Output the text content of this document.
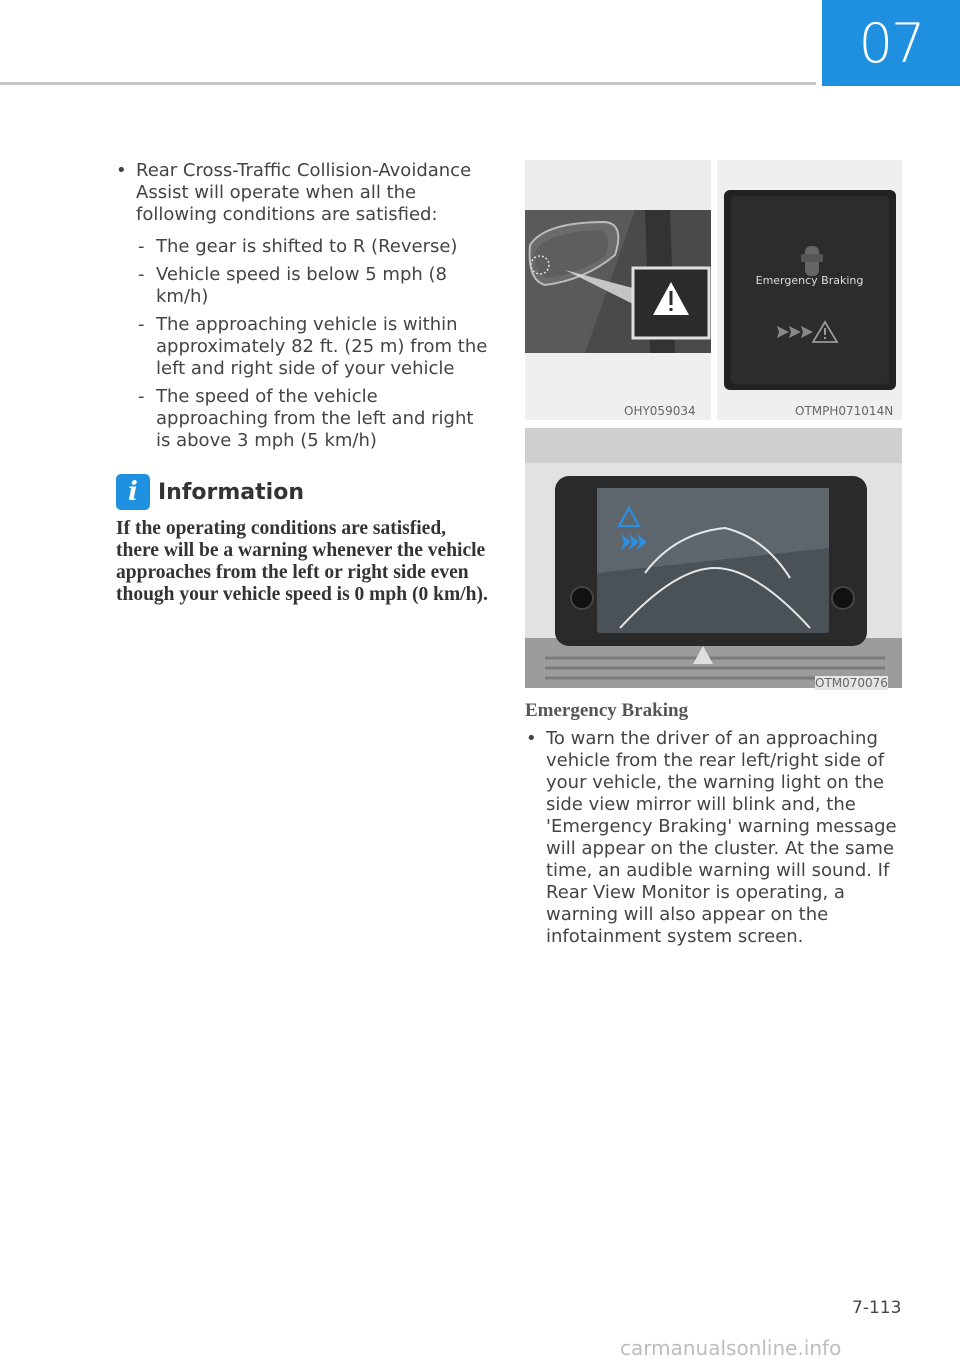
07
• Rear Cross-Traffic Collision-Avoidance Assist will operate when all the following conditions are satisfied:
- The gear is shifted to R (Reverse)
- Vehicle speed is below 5 mph (8 km/h)
- The approaching vehicle is within approximately 82 ft. (25 m) from the left and right side of your vehicle
- The speed of the vehicle approaching from the left and right is above 3 mph (5 km/h)
i Information
If the operating conditions are satisfied, there will be a warning whenever the vehicle approaches from the left or right side even though your vehicle speed is 0 mph (0 km/h).
OHY059034
Emergency Braking
OTMPH071014N
OTM070076
Emergency Braking
• To warn the driver of an approaching vehicle from the rear left/right side of your vehicle, the warning light on the side view mirror will blink and, the 'Emergency Braking' warning message will appear on the cluster. At the same time, an audible warning will sound. If Rear View Monitor is operating, a warning will also appear on the infotainment system screen.
7-113
carmanualsonline.info
